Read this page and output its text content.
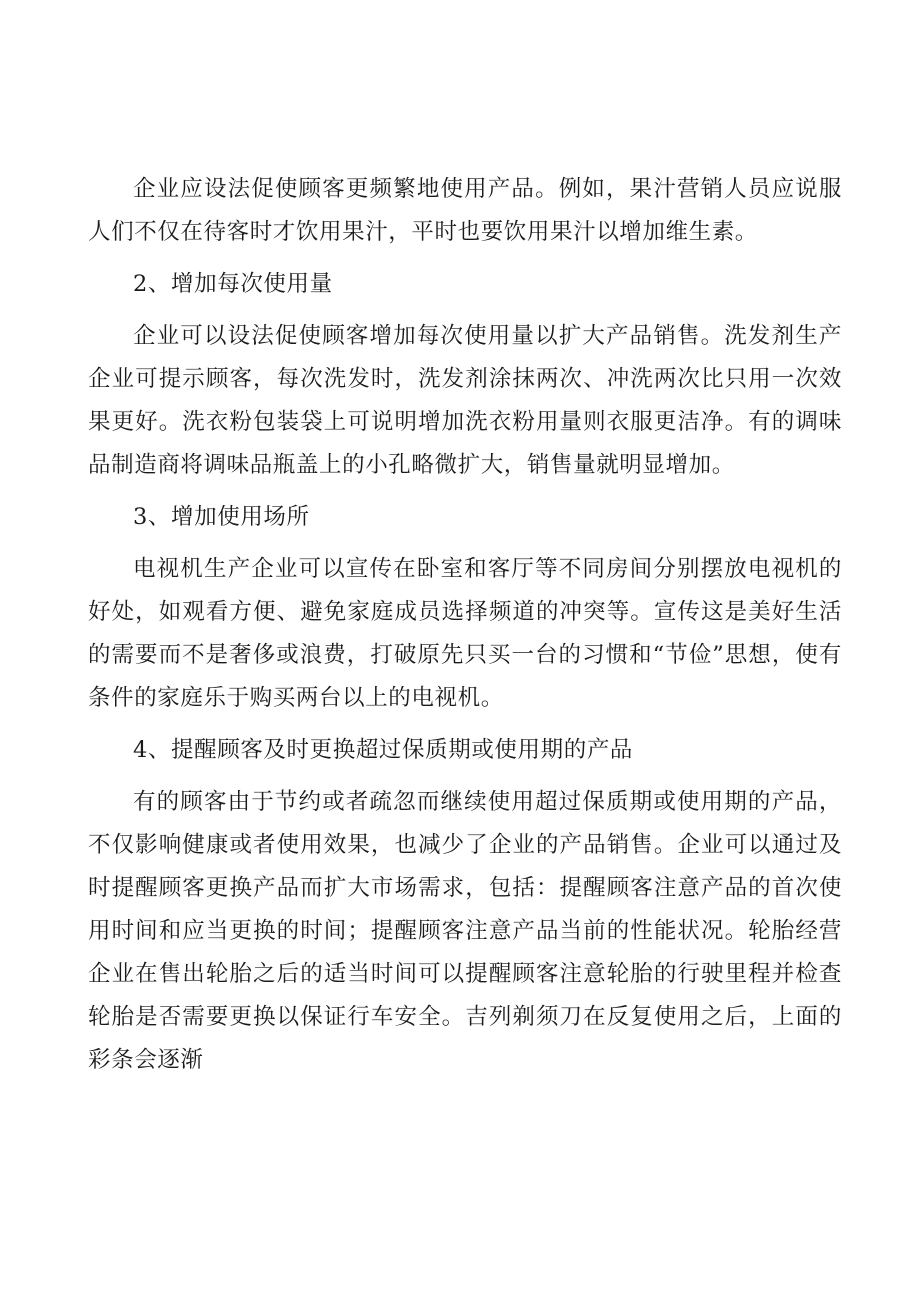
企业应设法促使顾客更频繁地使用产品。例如，果汁营销人员应说服人们不仅在待客时才饮用果汁，平时也要饮用果汁以增加维生素。

2、增加每次使用量

企业可以设法促使顾客增加每次使用量以扩大产品销售。洗发剂生产企业可提示顾客，每次洗发时，洗发剂涂抹两次、冲洗两次比只用一次效果更好。洗衣粉包装袋上可说明增加洗衣粉用量则衣服更洁净。有的调味品制造商将调味品瓶盖上的小孔略微扩大，销售量就明显增加。

3、增加使用场所

电视机生产企业可以宣传在卧室和客厅等不同房间分别摆放电视机的好处，如观看方便、避免家庭成员选择频道的冲突等。宣传这是美好生活的需要而不是奢侈或浪费，打破原先只买一台的习惯和“节俭”思想，使有条件的家庭乐于购买两台以上的电视机。

4、提醒顾客及时更换超过保质期或使用期的产品

有的顾客由于节约或者疏忽而继续使用超过保质期或使用期的产品，不仅影响健康或者使用效果，也减少了企业的产品销售。企业可以通过及时提醒顾客更换产品而扩大市场需求，包括：提醒顾客注意产品的首次使用时间和应当更换的时间；提醒顾客注意产品当前的性能状况。轮胎经营企业在售出轮胎之后的适当时间可以提醒顾客注意轮胎的行驶里程并检查轮胎是否需要更换以保证行车安全。吉列剃须刀在反复使用之后，上面的彩条会逐渐
